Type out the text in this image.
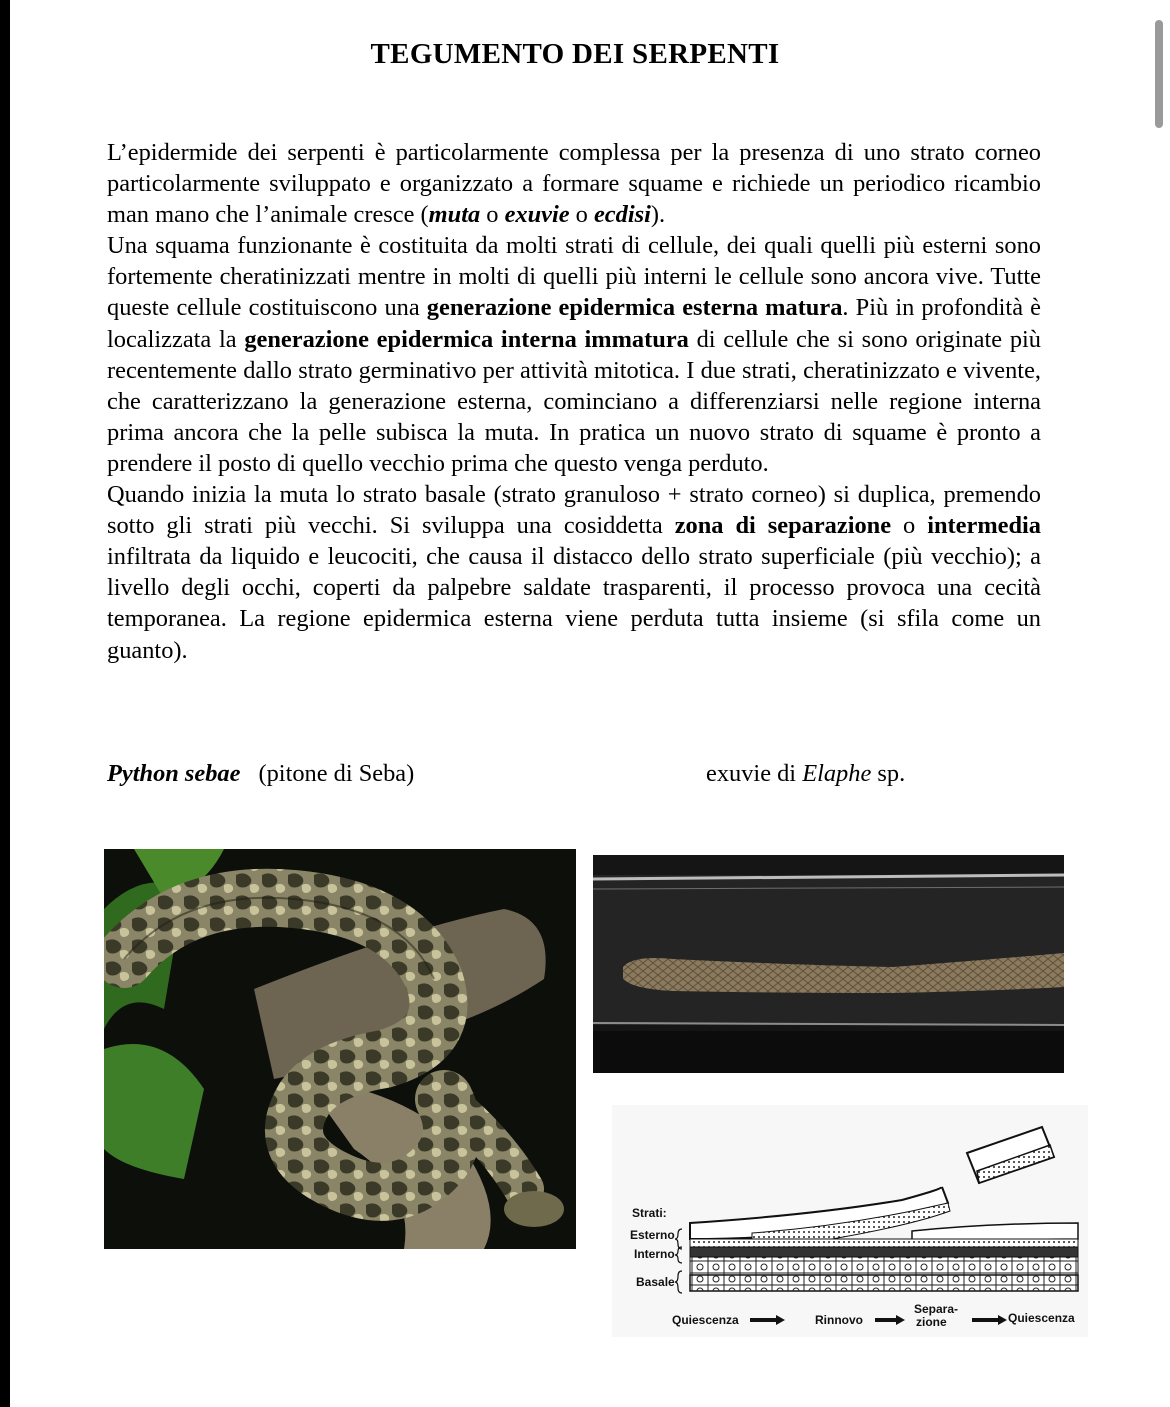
TEGUMENTO DEI SERPENTI

L’epidermide dei serpenti è particolarmente complessa per la presenza di uno strato corneo particolarmente sviluppato e organizzato a formare squame e richiede un periodico ricambio man mano che l’animale cresce (muta o exuvie o ecdisi).

Una squama funzionante è costituita da molti strati di cellule, dei quali quelli più esterni sono fortemente cheratinizzati mentre in molti di quelli più interni le cellule sono ancora vive. Tutte queste cellule costituiscono una generazione epidermica esterna matura. Più in profondità è localizzata la generazione epidermica interna immatura di cellule che si sono originate più recentemente dallo strato germinativo per attività mitotica. I due strati, cheratinizzato e vivente, che caratterizzano la generazione esterna, cominciano a differenziarsi nelle regione interna prima ancora che la pelle subisca la muta. In pratica un nuovo strato di squame è pronto a prendere il posto di quello vecchio prima che questo venga perduto.

Quando inizia la muta lo strato basale (strato granuloso + strato corneo) si duplica, premendo sotto gli strati più vecchi. Si sviluppa una cosiddetta zona di separazione o intermedia infiltrata da liquido e leucociti, che causa il distacco dello strato superficiale (più vecchio); a livello degli occhi, coperti da palpebre saldate trasparenti, il processo provoca una cecità temporanea. La regione epidermica esterna viene perduta tutta insieme (si sfila come un guanto).

Python sebae (pitone di Seba)	exuvie di Elaphe sp.
Strati:
Esterno
Interno
Basale
Quiescenza	Rinnovo
Separa-
zione	Quiescenza
